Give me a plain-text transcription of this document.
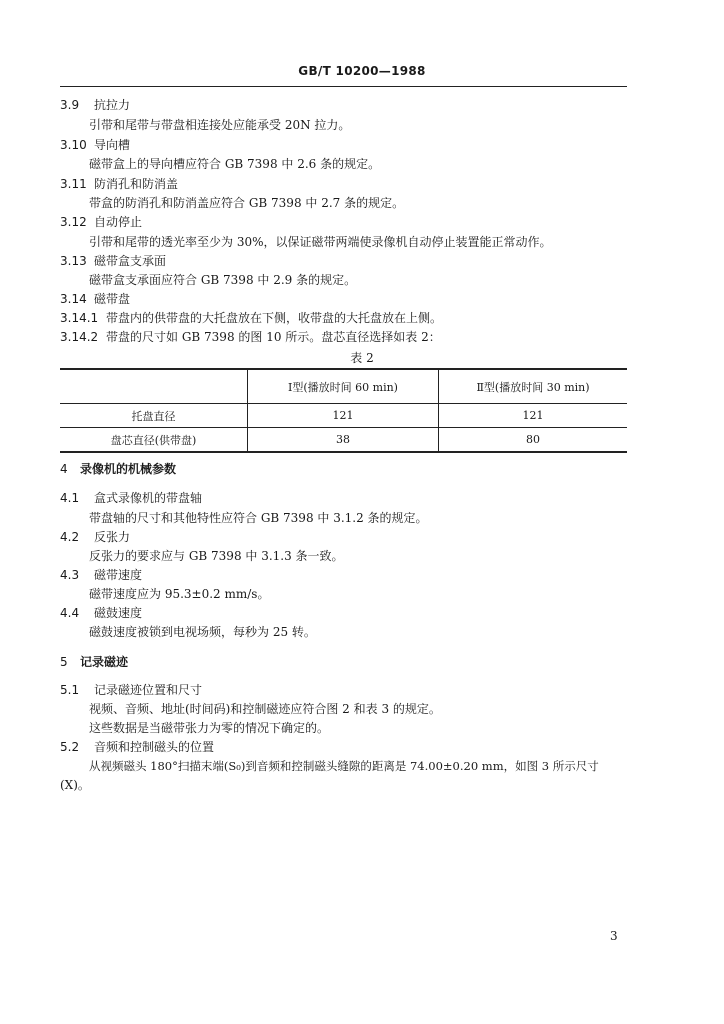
GB/T 10200—1988
3.9 抗拉力
引带和尾带与带盘相连接处应能承受 20N 拉力。
3.10 导向槽
磁带盒上的导向槽应符合 GB 7398 中 2.6 条的规定。
3.11 防消孔和防消盖
带盒的防消孔和防消盖应符合 GB 7398 中 2.7 条的规定。
3.12 自动停止
引带和尾带的透光率至少为 30%，以保证磁带两端使录像机自动停止装置能正常动作。
3.13 磁带盒支承面
磁带盒支承面应符合 GB 7398 中 2.9 条的规定。
3.14 磁带盘
3.14.1 带盘内的供带盘的大托盘放在下侧，收带盘的大托盘放在上侧。
3.14.2 带盘的尺寸如 GB 7398 的图 10 所示。盘芯直径选择如表 2：
表 2
	Ⅰ型(播放时间 60 min)	Ⅱ型(播放时间 30 min)
托盘直径	121	121
盘芯直径(供带盘)	38	80
4 录像机的机械参数
4.1 盒式录像机的带盘轴
带盘轴的尺寸和其他特性应符合 GB 7398 中 3.1.2 条的规定。
4.2 反张力
反张力的要求应与 GB 7398 中 3.1.3 条一致。
4.3 磁带速度
磁带速度应为 95.3±0.2 mm/s。
4.4 磁鼓速度
磁鼓速度被锁到电视场频，每秒为 25 转。
5 记录磁迹
5.1 记录磁迹位置和尺寸
视频、音频、地址(时间码)和控制磁迹应符合图 2 和表 3 的规定。
这些数据是当磁带张力为零的情况下确定的。
5.2 音频和控制磁头的位置
从视频磁头 180°扫描末端(S₀)到音频和控制磁头缝隙的距离是 74.00±0.20 mm，如图 3 所示尺寸
(X)。
3
